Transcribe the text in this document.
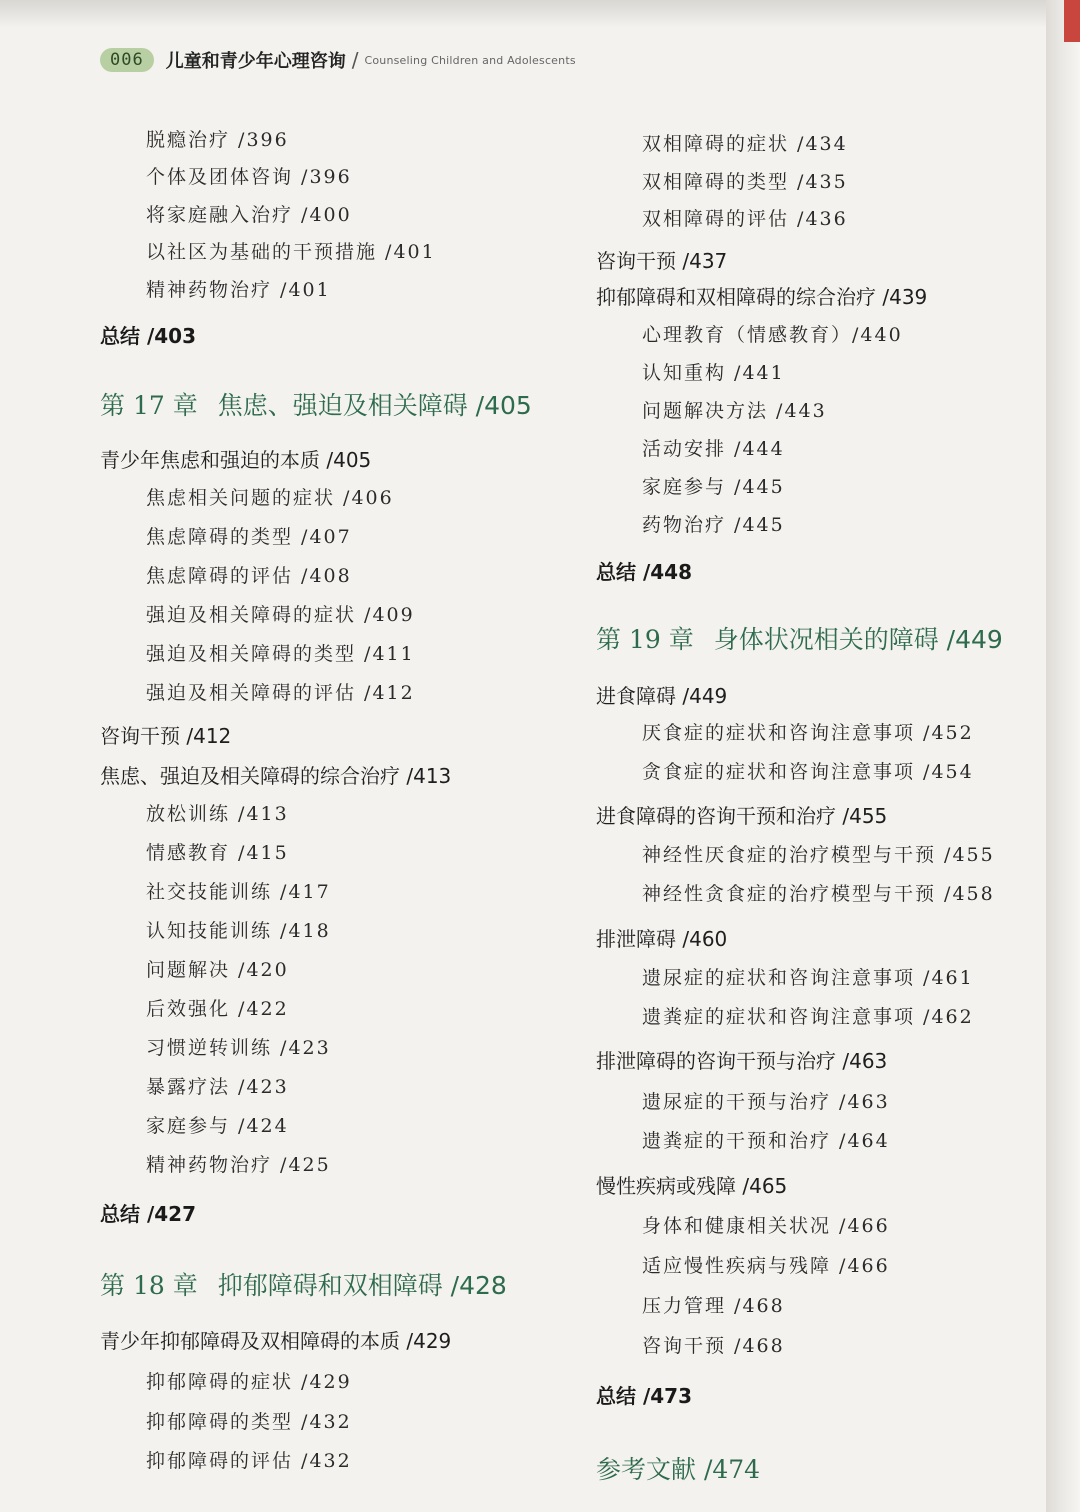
006	儿童和青少年心理咨询 / Counseling Children and Adolescents
脱瘾治疗 /396
个体及团体咨询 /396
将家庭融入治疗 /400
以社区为基础的干预措施 /401
精神药物治疗 /401
总结 /403
第 17 章 焦虑、强迫及相关障碍 /405
青少年焦虑和强迫的本质 /405
焦虑相关问题的症状 /406
焦虑障碍的类型 /407
焦虑障碍的评估 /408
强迫及相关障碍的症状 /409
强迫及相关障碍的类型 /411
强迫及相关障碍的评估 /412
咨询干预 /412
焦虑、强迫及相关障碍的综合治疗 /413
放松训练 /413
情感教育 /415
社交技能训练 /417
认知技能训练 /418
问题解决 /420
后效强化 /422
习惯逆转训练 /423
暴露疗法 /423
家庭参与 /424
精神药物治疗 /425
总结 /427
第 18 章 抑郁障碍和双相障碍 /428
青少年抑郁障碍及双相障碍的本质 /429
抑郁障碍的症状 /429
抑郁障碍的类型 /432
抑郁障碍的评估 /432
双相障碍的症状 /434
双相障碍的类型 /435
双相障碍的评估 /436
咨询干预 /437
抑郁障碍和双相障碍的综合治疗 /439
心理教育（情感教育）/440
认知重构 /441
问题解决方法 /443
活动安排 /444
家庭参与 /445
药物治疗 /445
总结 /448
第 19 章 身体状况相关的障碍 /449
进食障碍 /449
厌食症的症状和咨询注意事项 /452
贪食症的症状和咨询注意事项 /454
进食障碍的咨询干预和治疗 /455
神经性厌食症的治疗模型与干预 /455
神经性贪食症的治疗模型与干预 /458
排泄障碍 /460
遗尿症的症状和咨询注意事项 /461
遗粪症的症状和咨询注意事项 /462
排泄障碍的咨询干预与治疗 /463
遗尿症的干预与治疗 /463
遗粪症的干预和治疗 /464
慢性疾病或残障 /465
身体和健康相关状况 /466
适应慢性疾病与残障 /466
压力管理 /468
咨询干预 /468
总结 /473
参考文献 /474
